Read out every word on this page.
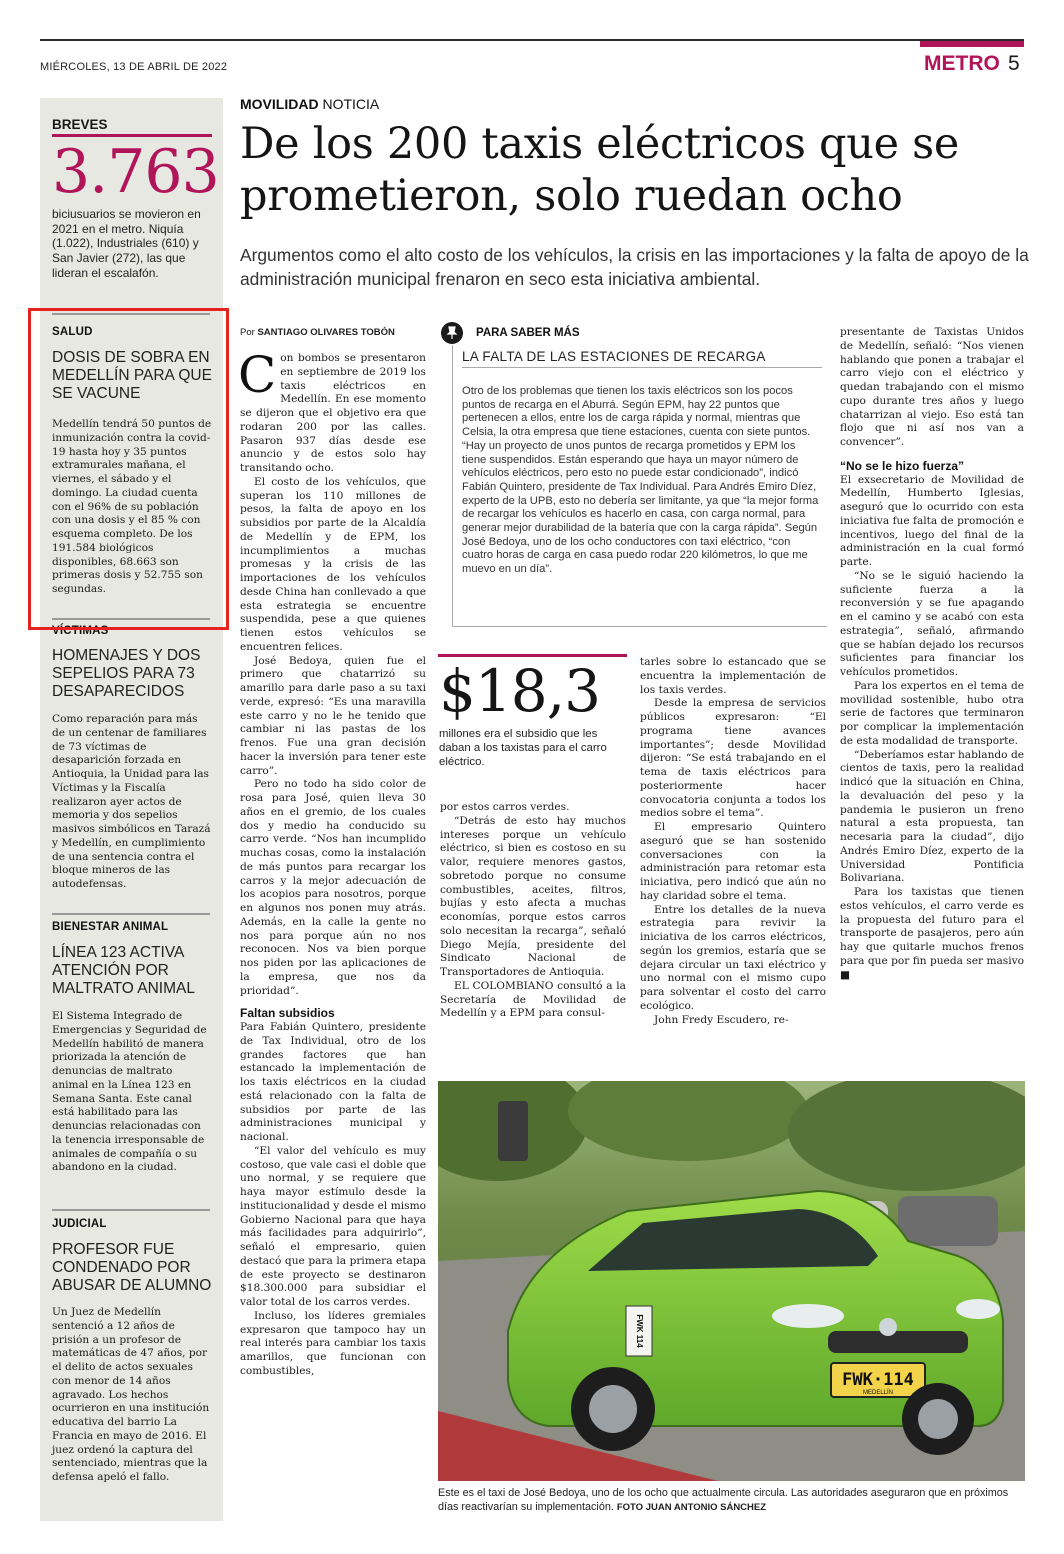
MIÉRCOLES, 13 DE ABRIL DE 2022	METRO 5
BREVES
3.763
biciusuarios se movieron en 2021 en el metro. Niquía (1.022), Industriales (610) y San Javier (272), las que lideran el escalafón.
SALUD
DOSIS DE SOBRA EN MEDELLÍN PARA QUE SE VACUNE

Medellín tendrá 50 puntos de inmunización contra la covid-19 hasta hoy y 35 puntos extramurales mañana, el viernes, el sábado y el domingo. La ciudad cuenta con el 96% de su población con una dosis y el 85 % con esquema completo. De los 191.584 biológicos disponibles, 68.663 son primeras dosis y 52.755 son segundas.

VÍCTIMAS
HOMENAJES Y DOS SEPELIOS PARA 73 DESAPARECIDOS

Como reparación para más de un centenar de familiares de 73 víctimas de desaparición forzada en Antioquia, la Unidad para las Víctimas y la Fiscalía realizaron ayer actos de memoria y dos sepelios masivos simbólicos en Tarazá y Medellín, en cumplimiento de una sentencia contra el bloque mineros de las autodefensas.

BIENESTAR ANIMAL
LÍNEA 123 ACTIVA ATENCIÓN POR MALTRATO ANIMAL

El Sistema Integrado de Emergencias y Seguridad de Medellín habilitó de manera priorizada la atención de denuncias de maltrato animal en la Línea 123 en Semana Santa. Este canal está habilitado para las denuncias relacionadas con la tenencia irresponsable de animales de compañía o su abandono en la ciudad.

JUDICIAL
PROFESOR FUE CONDENADO POR ABUSAR DE ALUMNO

Un Juez de Medellín sentenció a 12 años de prisión a un profesor de matemáticas de 47 años, por el delito de actos sexuales con menor de 14 años agravado. Los hechos ocurrieron en una institución educativa del barrio La Francia en mayo de 2016. El juez ordenó la captura del sentenciado, mientras que la defensa apeló el fallo.

MOVILIDAD NOTICIA
De los 200 taxis eléctricos que se prometieron, solo ruedan ocho
Argumentos como el alto costo de los vehículos, la crisis en las importaciones y la falta de apoyo de la administración municipal frenaron en seco esta iniciativa ambiental.
Por SANTIAGO OLIVARES TOBÓN

Con bombos se presentaron en septiembre de 2019 los taxis eléctricos en Medellín. En ese momento se dijeron que el objetivo era que rodaran 200 por las calles. Pasaron 937 días desde ese anuncio y de estos solo hay transitando ocho.

El costo de los vehículos, que superan los 110 millones de pesos, la falta de apoyo en los subsidios por parte de la Alcaldía de Medellín y de EPM, los incumplimientos a muchas promesas y la crisis de las importaciones de los vehículos desde China han conllevado a que esta estrategia se encuentre suspendida, pese a que quienes tienen estos vehículos se encuentren felices.

José Bedoya, quien fue el primero que chatarrizó su amarillo para darle paso a su taxi verde, expresó: “Es una maravilla este carro y no le he tenido que cambiar ni las pastas de los frenos. Fue una gran decisión hacer la inversión para tener este carro”.

Pero no todo ha sido color de rosa para José, quien lleva 30 años en el gremio, de los cuales dos y medio ha conducido su carro verde. “Nos han incumplido muchas cosas, como la instalación de más puntos para recargar los carros y la mejor adecuación de los acopios para nosotros, porque en algunos nos ponen muy atrás. Además, en la calle la gente no nos para porque aún no nos reconocen. Nos va bien porque nos piden por las aplicaciones de la empresa, que nos da prioridad”.

Faltan subsidios

Para Fabián Quintero, presidente de Tax Individual, otro de los grandes factores que han estancado la implementación de los taxis eléctricos en la ciudad está relacionado con la falta de subsidios por parte de las administraciones municipal y nacional.

“El valor del vehículo es muy costoso, que vale casi el doble que uno normal, y se requiere que haya mayor estímulo desde la institucionalidad y desde el mismo Gobierno Nacional para que haya más facilidades para adquirirlo”, señaló el empresario, quien destacó que para la primera etapa de este proyecto se destinaron $18.300.000 para subsidiar el valor total de los carros verdes.

Incluso, los líderes gremiales expresaron que tampoco hay un real interés para cambiar los taxis amarillos, que funcionan con combustibles,

PARA SABER MÁS
LA FALTA DE LAS ESTACIONES DE RECARGA
Otro de los problemas que tienen los taxis eléctricos son los pocos puntos de recarga en el Aburrá. Según EPM, hay 22 puntos que pertenecen a ellos, entre los de carga rápida y normal, mientras que Celsia, la otra empresa que tiene estaciones, cuenta con siete puntos. “Hay un proyecto de unos puntos de recarga prometidos y EPM los tiene suspendidos. Están esperando que haya un mayor número de vehículos eléctricos, pero esto no puede estar condicionado”, indicó Fabián Quintero, presidente de Tax Individual. Para Andrés Emiro Díez, experto de la UPB, esto no debería ser limitante, ya que “la mejor forma de recargar los vehículos es hacerlo en casa, con carga normal, para generar mejor durabilidad de la batería que con la carga rápida”. Según José Bedoya, uno de los ocho conductores con taxi eléctrico, “con cuatro horas de carga en casa puedo rodar 220 kilómetros, lo que me muevo en un día”.
$18,3
millones era el subsidio que les daban a los taxistas para el carro eléctrico.

por estos carros verdes.

“Detrás de esto hay muchos intereses porque un vehículo eléctrico, si bien es costoso en su valor, requiere menores gastos, sobretodo porque no consume combustibles, aceites, filtros, bujías y esto afecta a muchas economías, porque estos carros solo necesitan la recarga”, señaló Diego Mejía, presidente del Sindicato Nacional de Transportadores de Antioquia.

EL COLOMBIANO consultó a la Secretaría de Movilidad de Medellín y a EPM para consul-

tarles sobre lo estancado que se encuentra la implementación de los taxis verdes.

Desde la empresa de servicios públicos expresaron: “El programa tiene avances importantes”; desde Movilidad dijeron: “Se está trabajando en el tema de taxis eléctricos para posteriormente hacer convocatoria conjunta a todos los medios sobre el tema”.

El empresario Quintero aseguró que se han sostenido conversaciones con la administración para retomar esta iniciativa, pero indicó que aún no hay claridad sobre el tema.

Entre los detalles de la nueva estrategia para revivir la iniciativa de los carros eléctricos, según los gremios, estaría que se dejara circular un taxi eléctrico y uno normal con el mismo cupo para solventar el costo del carro ecológico.

John Fredy Escudero, re-

presentante de Taxistas Unidos de Medellín, señaló: “Nos vienen hablando que ponen a trabajar el carro viejo con el eléctrico y quedan trabajando con el mismo cupo durante tres años y luego chatarrizan al viejo. Eso está tan flojo que ni así nos van a convencer”.

“No se le hizo fuerza”

El exsecretario de Movilidad de Medellín, Humberto Iglesias, aseguró que lo ocurrido con esta iniciativa fue falta de promoción e incentivos, luego del final de la administración en la cual formó parte.

“No se le siguió haciendo la suficiente fuerza a la reconversión y se fue apagando en el camino y se acabó con esta estrategia”, señaló, afirmando que se habían dejado los recursos suficientes para financiar los vehículos prometidos.

Para los expertos en el tema de movilidad sostenible, hubo otra serie de factores que terminaron por complicar la implementación de esta modalidad de transporte.

“Deberíamos estar hablando de cientos de taxis, pero la realidad indicó que la situación en China, la devaluación del peso y la pandemia le pusieron un freno natural a esta propuesta, tan necesaria para la ciudad”, dijo Andrés Emiro Díez, experto de la Universidad Pontificia Bolivariana.

Para los taxistas que tienen estos vehículos, el carro verde es la propuesta del futuro para el transporte de pasajeros, pero aún hay que quitarle muchos frenos para que por fin pueda ser masivo ■

FWK·114
MEDELLÍN
FWK 114
Este es el taxi de José Bedoya, uno de los ocho que actualmente circula. Las autoridades aseguraron que en próximos días reactivarían su implementación. FOTO JUAN ANTONIO SÁNCHEZ
